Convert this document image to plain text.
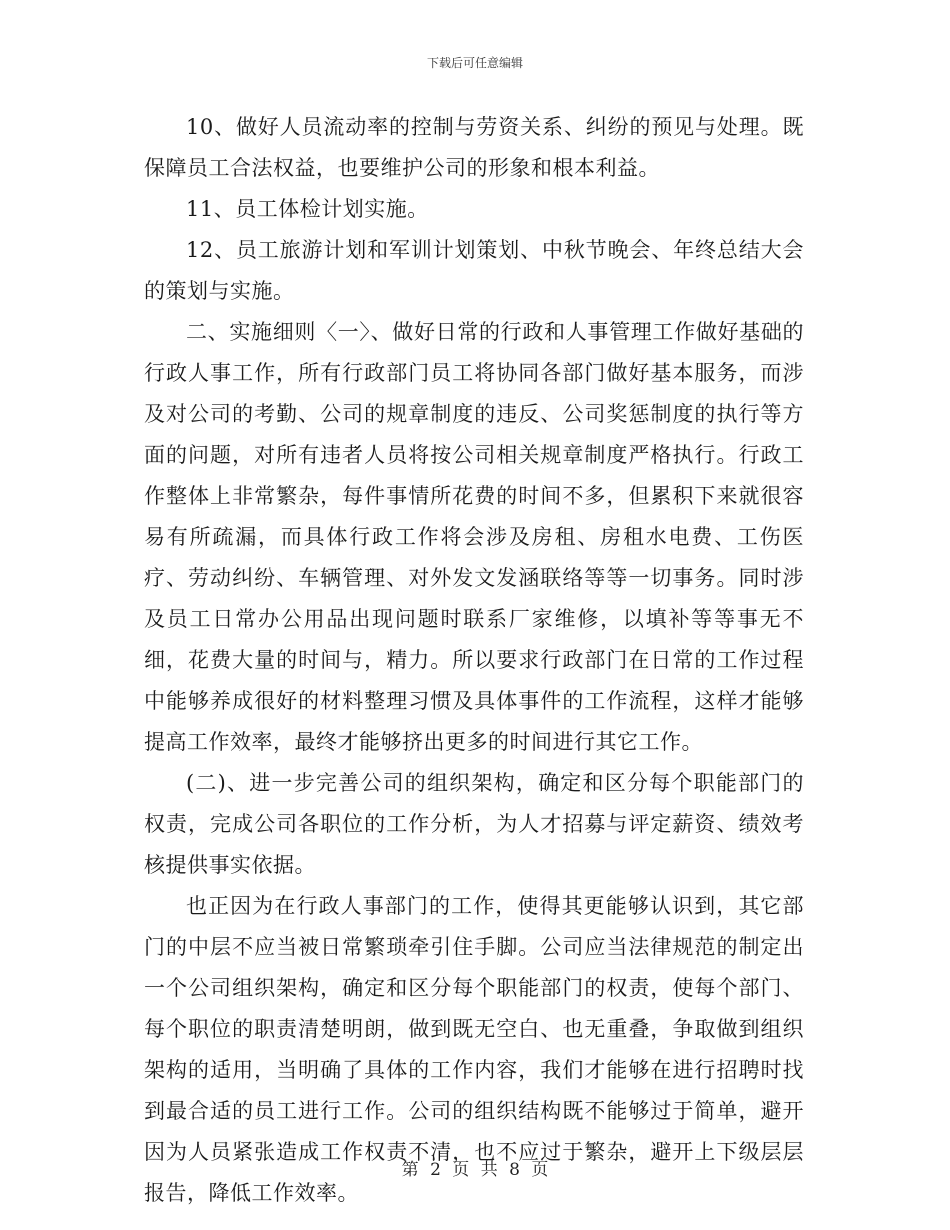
下载后可任意编辑

10、做好人员流动率的控制与劳资关系、纠纷的预见与处理。既保障员工合法权益，也要维护公司的形象和根本利益。

11、员工体检计划实施。

12、员工旅游计划和军训计划策划、中秋节晚会、年终总结大会的策划与实施。

二、实施细则〈一〉、做好日常的行政和人事管理工作做好基础的行政人事工作，所有行政部门员工将协同各部门做好基本服务，而涉及对公司的考勤、公司的规章制度的违反、公司奖惩制度的执行等方面的问题，对所有违者人员将按公司相关规章制度严格执行。行政工作整体上非常繁杂，每件事情所花费的时间不多，但累积下来就很容易有所疏漏，而具体行政工作将会涉及房租、房租水电费、工伤医疗、劳动纠纷、车辆管理、对外发文发涵联络等等一切事务。同时涉及员工日常办公用品出现问题时联系厂家维修，以填补等等事无不细，花费大量的时间与，精力。所以要求行政部门在日常的工作过程中能够养成很好的材料整理习惯及具体事件的工作流程，这样才能够提高工作效率，最终才能够挤出更多的时间进行其它工作。

(二)、进一步完善公司的组织架构，确定和区分每个职能部门的权责，完成公司各职位的工作分析，为人才招募与评定薪资、绩效考核提供事实依据。

也正因为在行政人事部门的工作，使得其更能够认识到，其它部门的中层不应当被日常繁琐牵引住手脚。公司应当法律规范的制定出一个公司组织架构，确定和区分每个职能部门的权责，使每个部门、每个职位的职责清楚明朗，做到既无空白、也无重叠，争取做到组织架构的适用，当明确了具体的工作内容，我们才能够在进行招聘时找到最合适的员工进行工作。公司的组织结构既不能够过于简单，避开因为人员紧张造成工作权责不清，也不应过于繁杂，避开上下级层层报告，降低工作效率。

第 2 页 共 8 页
